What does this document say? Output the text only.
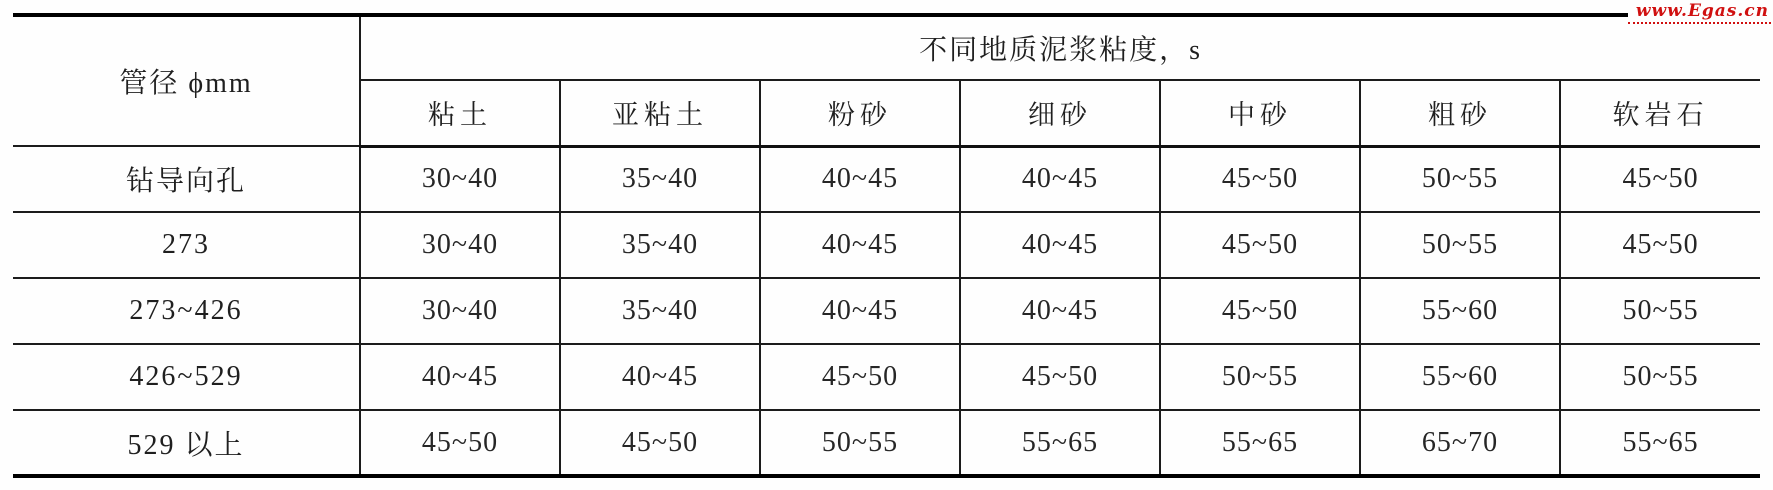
www.Egas.cn
管径 ϕmm	不同地质泥浆粘度，s						
	粘土	亚粘土	粉砂	细砂	中砂	粗砂	软岩石
钻导向孔	30~40	35~40	40~45	40~45	45~50	50~55	45~50
273	30~40	35~40	40~45	40~45	45~50	50~55	45~50
273~426	30~40	35~40	40~45	40~45	45~50	55~60	50~55
426~529	40~45	40~45	45~50	45~50	50~55	55~60	50~55
529 以上	45~50	45~50	50~55	55~65	55~65	65~70	55~65
